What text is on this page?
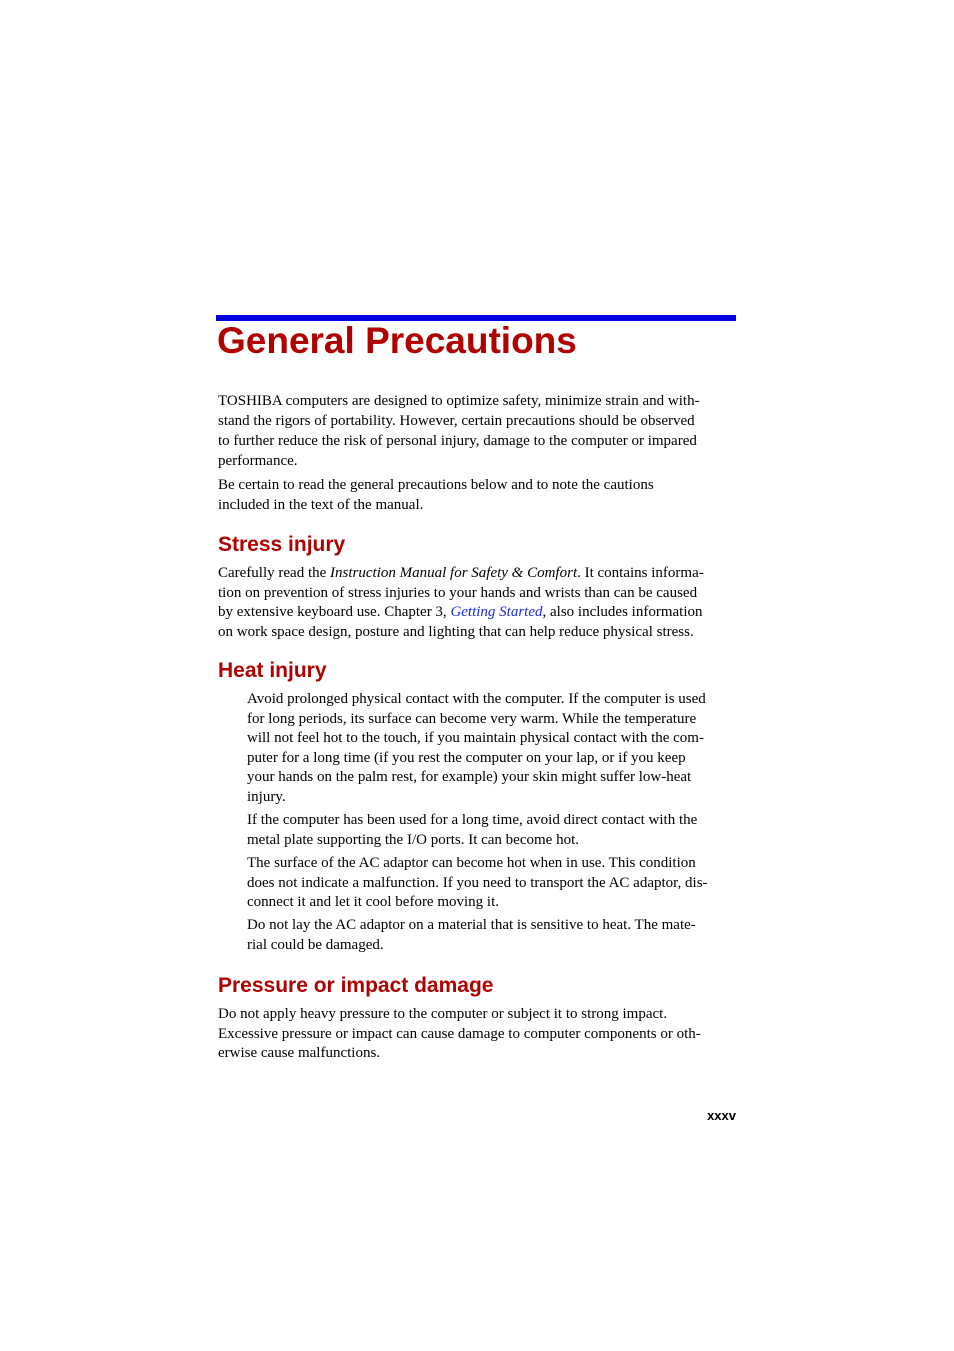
General Precautions

TOSHIBA computers are designed to optimize safety, minimize strain and with-
stand the rigors of portability. However, certain precautions should be observed
to further reduce the risk of personal injury, damage to the computer or impared
performance.

Be certain to read the general precautions below and to note the cautions
included in the text of the manual.

Stress injury

Carefully read the Instruction Manual for Safety & Comfort. It contains informa-
tion on prevention of stress injuries to your hands and wrists than can be caused
by extensive keyboard use. Chapter 3, Getting Started, also includes information
on work space design, posture and lighting that can help reduce physical stress.

Heat injury

Avoid prolonged physical contact with the computer. If the computer is used
for long periods, its surface can become very warm. While the temperature
will not feel hot to the touch, if you maintain physical contact with the com-
puter for a long time (if you rest the computer on your lap, or if you keep
your hands on the palm rest, for example) your skin might suffer low-heat
injury.

If the computer has been used for a long time, avoid direct contact with the
metal plate supporting the I/O ports. It can become hot.

The surface of the AC adaptor can become hot when in use. This condition
does not indicate a malfunction. If you need to transport the AC adaptor, dis-
connect it and let it cool before moving it.

Do not lay the AC adaptor on a material that is sensitive to heat. The mate-
rial could be damaged.

Pressure or impact damage

Do not apply heavy pressure to the computer or subject it to strong impact.
Excessive pressure or impact can cause damage to computer components or oth-
erwise cause malfunctions.

xxxv
